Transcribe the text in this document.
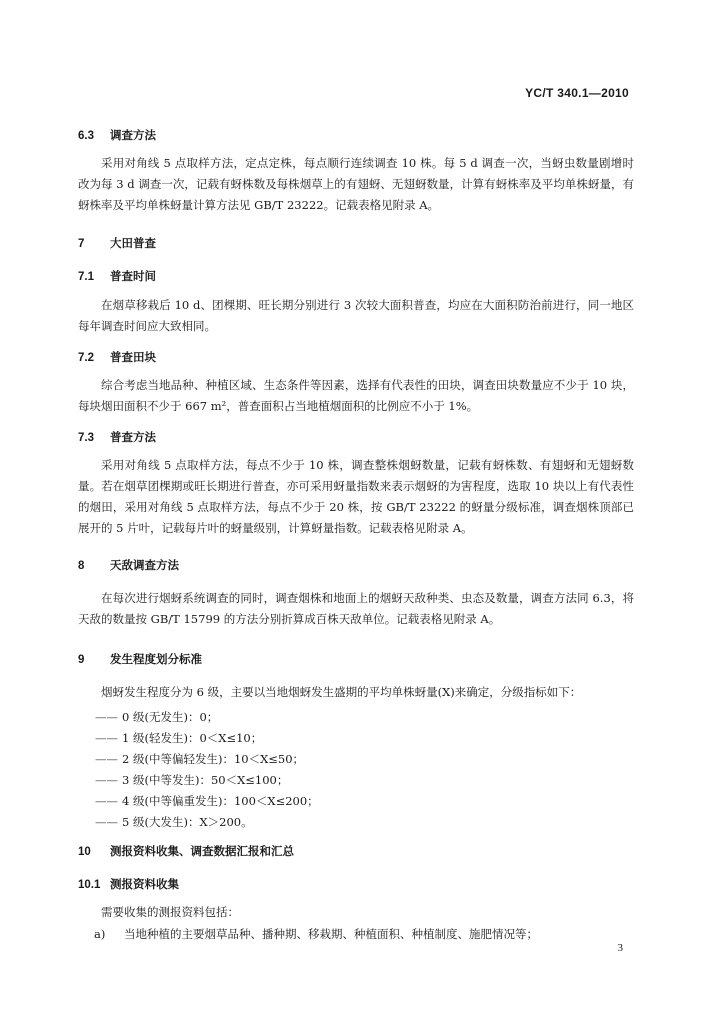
YC/T 340.1—2010
6.3 调查方法
采用对角线 5 点取样方法，定点定株，每点顺行连续调查 10 株。每 5 d 调查一次，当蚜虫数量剧增时改为每 3 d 调查一次，记载有蚜株数及每株烟草上的有翅蚜、无翅蚜数量，计算有蚜株率及平均单株蚜量，有蚜株率及平均单株蚜量计算方法见 GB/T 23222。记载表格见附录 A。
7 大田普查
7.1 普查时间
在烟草移栽后 10 d、团棵期、旺长期分别进行 3 次较大面积普查，均应在大面积防治前进行，同一地区每年调查时间应大致相同。
7.2 普查田块
综合考虑当地品种、种植区域、生态条件等因素，选择有代表性的田块，调查田块数量应不少于 10 块，每块烟田面积不少于 667 m²，普查面积占当地植烟面积的比例应不小于 1%。
7.3 普查方法
采用对角线 5 点取样方法，每点不少于 10 株，调查整株烟蚜数量，记载有蚜株数、有翅蚜和无翅蚜数量。若在烟草团棵期或旺长期进行普查，亦可采用蚜量指数来表示烟蚜的为害程度，选取 10 块以上有代表性的烟田，采用对角线 5 点取样方法，每点不少于 20 株，按 GB/T 23222 的蚜量分级标准，调查烟株顶部已展开的 5 片叶，记载每片叶的蚜量级别，计算蚜量指数。记载表格见附录 A。
8 天敌调查方法
在每次进行烟蚜系统调查的同时，调查烟株和地面上的烟蚜天敌种类、虫态及数量，调查方法同 6.3，将天敌的数量按 GB/T 15799 的方法分别折算成百株天敌单位。记载表格见附录 A。
9 发生程度划分标准
烟蚜发生程度分为 6 级，主要以当地烟蚜发生盛期的平均单株蚜量(X)来确定，分级指标如下：
—— 0 级(无发生)：0；
—— 1 级(轻发生)：0＜X≤10；
—— 2 级(中等偏轻发生)：10＜X≤50；
—— 3 级(中等发生)：50＜X≤100；
—— 4 级(中等偏重发生)：100＜X≤200；
—— 5 级(大发生)：X＞200。
10 测报资料收集、调查数据汇报和汇总
10.1 测报资料收集
需要收集的测报资料包括：
a) 当地种植的主要烟草品种、播种期、移栽期、种植面积、种植制度、施肥情况等；
3
